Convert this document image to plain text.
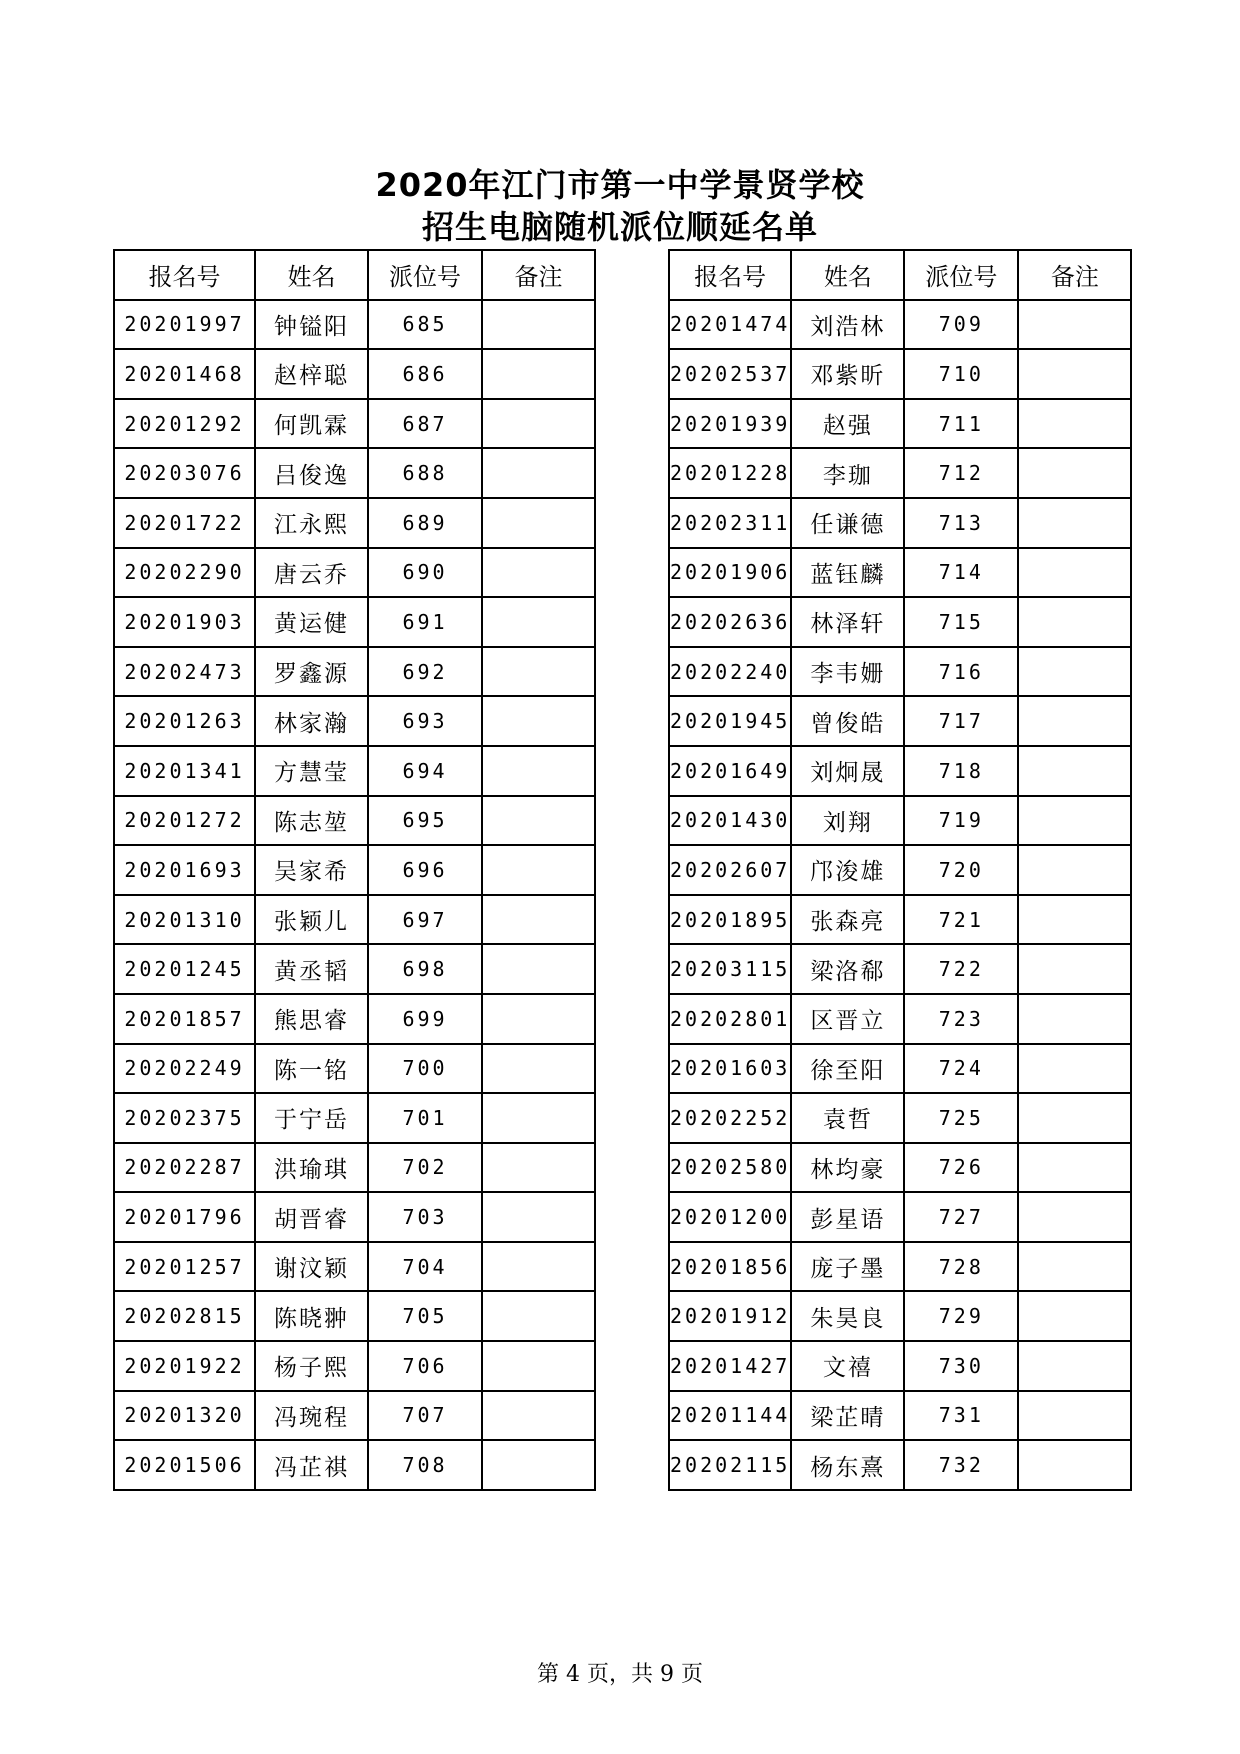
2020年江门市第一中学景贤学校
招生电脑随机派位顺延名单
报名号	姓名	派位号	备注
20201997	钟镒阳	685	
20201468	赵梓聪	686	
20201292	何凯霖	687	
20203076	吕俊逸	688	
20201722	江永熙	689	
20202290	唐云乔	690	
20201903	黄运健	691	
20202473	罗鑫源	692	
20201263	林家瀚	693	
20201341	方慧莹	694	
20201272	陈志堃	695	
20201693	吴家希	696	
20201310	张颖儿	697	
20201245	黄丞韬	698	
20201857	熊思睿	699	
20202249	陈一铭	700	
20202375	于宁岳	701	
20202287	洪瑜琪	702	
20201796	胡晋睿	703	
20201257	谢汶颖	704	
20202815	陈晓翀	705	
20201922	杨子熙	706	
20201320	冯琬程	707	
20201506	冯芷祺	708	
报名号	姓名	派位号	备注
20201474	刘浩林	709	
20202537	邓紫昕	710	
20201939	赵强	711	
20201228	李珈	712	
20202311	任谦德	713	
20201906	蓝钰麟	714	
20202636	林泽轩	715	
20202240	李韦姗	716	
20201945	曾俊皓	717	
20201649	刘炯晟	718	
20201430	刘翔	719	
20202607	邝浚雄	720	
20201895	张森亮	721	
20203115	梁洛郗	722	
20202801	区晋立	723	
20201603	徐至阳	724	
20202252	袁哲	725	
20202580	林均豪	726	
20201200	彭星语	727	
20201856	庞子墨	728	
20201912	朱昊良	729	
20201427	文禧	730	
20201144	梁芷晴	731	
20202115	杨东熹	732	
第 4 页，共 9 页
